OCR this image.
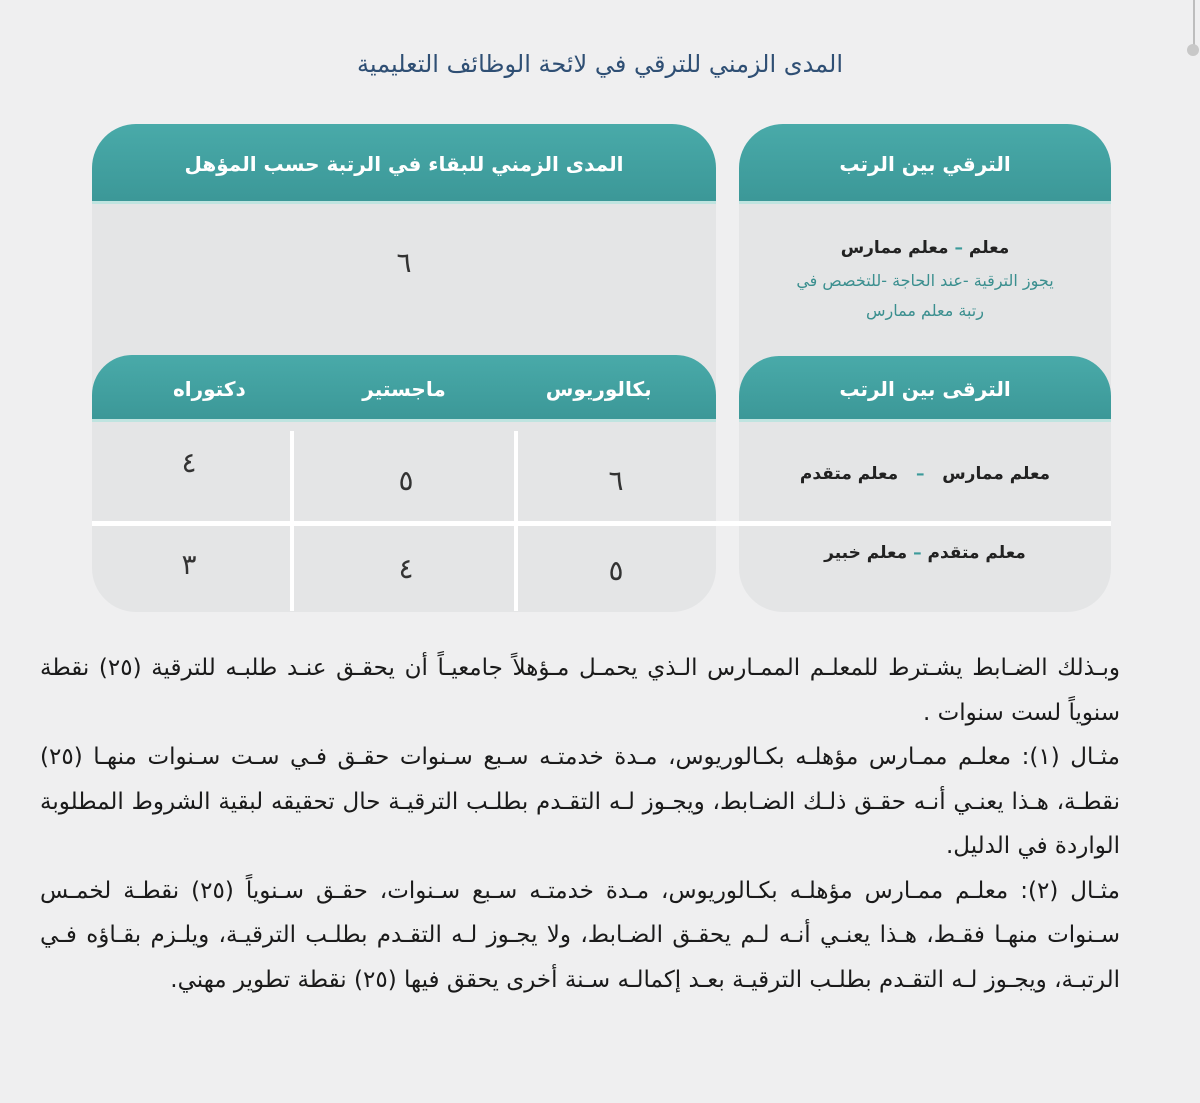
المدى الزمني للترقي في لائحة الوظائف التعليمية
الترقي بين الرتب
معلم – معلم ممارس
يجوز الترقية -عند الحاجة -للتخصص في
رتبة معلم ممارس
الترقى بين الرتب
معلم ممارس   –   معلم متقدم
معلم متقدم – معلم خبير
المدى الزمني للبقاء في الرتبة حسب المؤهل
٦
بكالوريوس
ماجستير
دكتوراه
٦
٥
٤
٥
٤
٣

وبـذلك الضـابط يشـترط للمعلـم الممـارس الـذي يحمـل مـؤهلاً جامعيـاً أن يحقـق عنـد طلبـه للترقية (٢٥) نقطة سنوياً لست سنوات .

مثـال (١): معلـم ممـارس مؤهلـه بكـالوريوس، مـدة خدمتـه سـبع سـنوات حقـق فـي سـت سـنوات منهـا (٢٥) نقطـة، هـذا يعنـي أنـه حقـق ذلـك الضـابط، ويجـوز لـه التقـدم بطلـب الترقيـة حال تحقيقه لبقية الشروط المطلوبة الواردة في الدليل.

مثـال (٢): معلـم ممـارس مؤهلـه بكـالوريوس، مـدة خدمتـه سـبع سـنوات، حقـق سـنوياً (٢٥) نقطـة لخمـس سـنوات منهـا فقـط، هـذا يعنـي أنـه لـم يحقـق الضـابط، ولا يجـوز لـه التقـدم بطلـب الترقيـة، ويلـزم بقـاؤه فـي الرتبـة، ويجـوز لـه التقـدم بطلـب الترقيـة بعـد إكمالـه سـنة أخرى يحقق فيها (٢٥) نقطة تطوير مهني.
